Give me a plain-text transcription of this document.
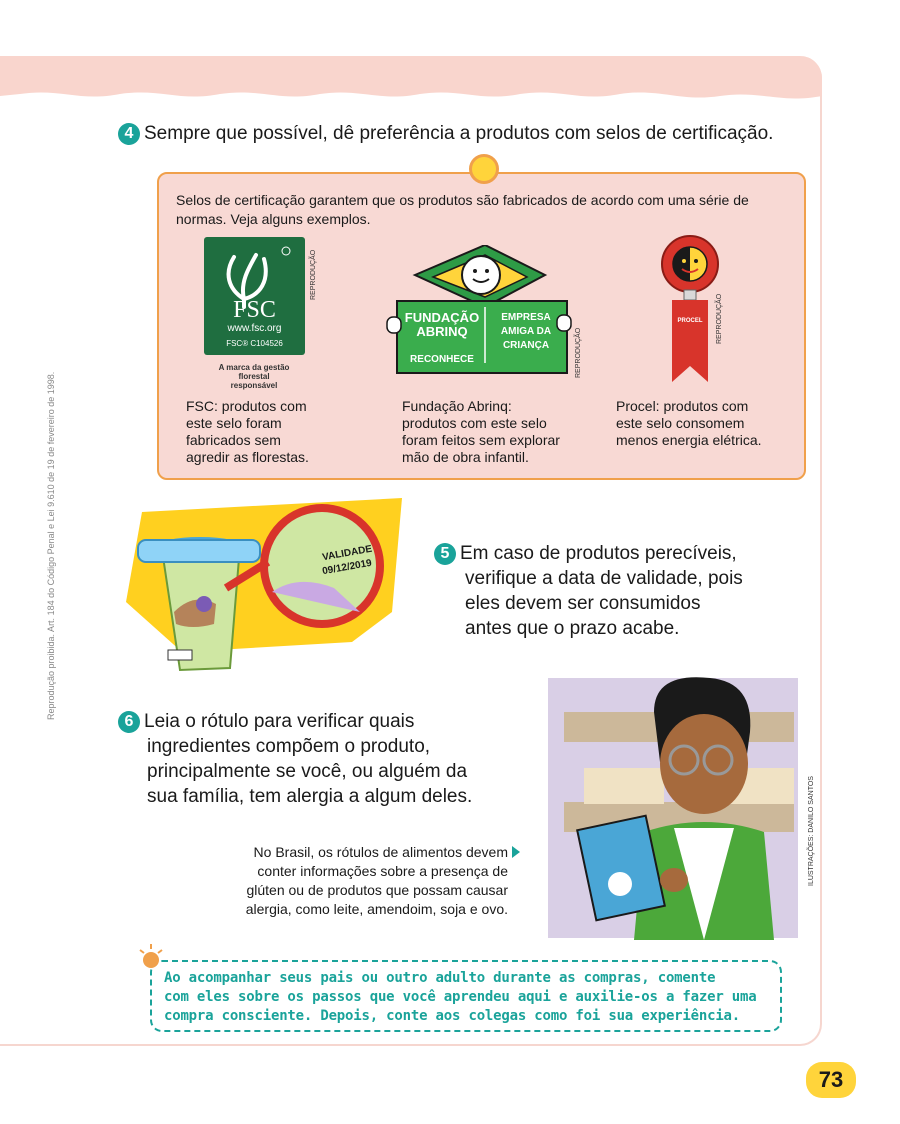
Reprodução proibida. Art. 184 do Código Penal e Lei 9.610 de 19 de fevereiro de 1998.
4 Sempre que possível, dê preferência a produtos com selos de certificação.
Selos de certificação garantem que os produtos são fabricados de acordo com uma série de normas. Veja alguns exemplos.
FSC
www.fsc.org
FSC® C104526
A marca da gestão florestal responsável
REPRODUÇÃO
FUNDAÇÃO
ABRINQ
EMPRESA
AMIGA DA
CRIANÇA
RECONHECE	REPRODUÇÃO
PROCEL	REPRODUÇÃO
FSC: produtos com
este selo foram
fabricados sem
agredir as florestas.
Fundação Abrinq:
produtos com este selo
foram feitos sem explorar
mão de obra infantil.
Procel: produtos com
este selo consomem
menos energia elétrica.
VALIDADE
09/12/2019
5 Em caso de produtos perecíveis,
verifique a data de validade, pois
eles devem ser consumidos
antes que o prazo acabe.
6 Leia o rótulo para verificar quais
ingredientes compõem o produto,
principalmente se você, ou alguém da
sua família, tem alergia a algum deles.	ILUSTRAÇÕES: DANILO SANTOS
No Brasil, os rótulos de alimentos devem
conter informações sobre a presença de
glúten ou de produtos que possam causar
alergia, como leite, amendoim, soja e ovo.
Ao acompanhar seus pais ou outro adulto durante as compras, comente
com eles sobre os passos que você aprendeu aqui e auxilie-os a fazer uma
compra consciente. Depois, conte aos colegas como foi sua experiência.
73
